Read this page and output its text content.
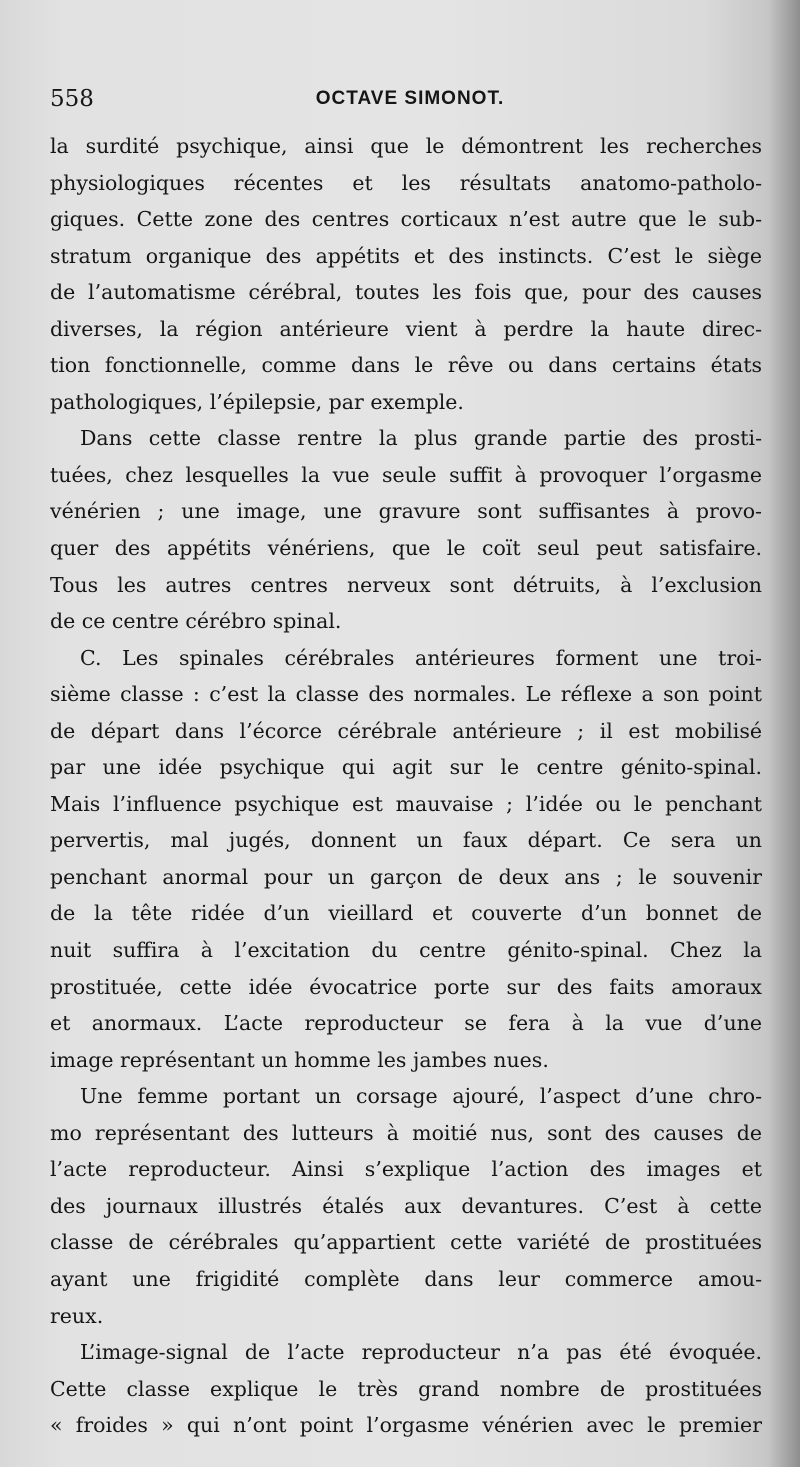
558	OCTAVE SIMONOT.
la surdité psychique, ainsi que le démontrent les recherches
physiologiques récentes et les résultats anatomo-patholo-
giques. Cette zone des centres corticaux n’est autre que le sub-
stratum organique des appétits et des instincts. C’est le siège
de l’automatisme cérébral, toutes les fois que, pour des causes
diverses, la région antérieure vient à perdre la haute direc-
tion fonctionnelle, comme dans le rêve ou dans certains états
pathologiques, l’épilepsie, par exemple.
Dans cette classe rentre la plus grande partie des prosti-
tuées, chez lesquelles la vue seule suffit à provoquer l’orgasme
vénérien ; une image, une gravure sont suffisantes à provo-
quer des appétits vénériens, que le coït seul peut satisfaire.
Tous les autres centres nerveux sont détruits, à l’exclusion
de ce centre cérébro spinal.
C. Les spinales cérébrales antérieures forment une troi-
sième classe : c’est la classe des normales. Le réflexe a son point
de départ dans l’écorce cérébrale antérieure ; il est mobilisé
par une idée psychique qui agit sur le centre génito-spinal.
Mais l’influence psychique est mauvaise ; l’idée ou le penchant
pervertis, mal jugés, donnent un faux départ. Ce sera un
penchant anormal pour un garçon de deux ans ; le souvenir
de la tête ridée d’un vieillard et couverte d’un bonnet de
nuit suffira à l’excitation du centre génito-spinal. Chez la
prostituée, cette idée évocatrice porte sur des faits amoraux
et anormaux. L’acte reproducteur se fera à la vue d’une
image représentant un homme les jambes nues.
Une femme portant un corsage ajouré, l’aspect d’une chro-
mo représentant des lutteurs à moitié nus, sont des causes de
l’acte reproducteur. Ainsi s’explique l’action des images et
des journaux illustrés étalés aux devantures. C’est à cette
classe de cérébrales qu’appartient cette variété de prostituées
ayant une frigidité complète dans leur commerce amou-
reux.
L’image-signal de l’acte reproducteur n’a pas été évoquée.
Cette classe explique le très grand nombre de prostituées
« froides » qui n’ont point l’orgasme vénérien avec le premier
